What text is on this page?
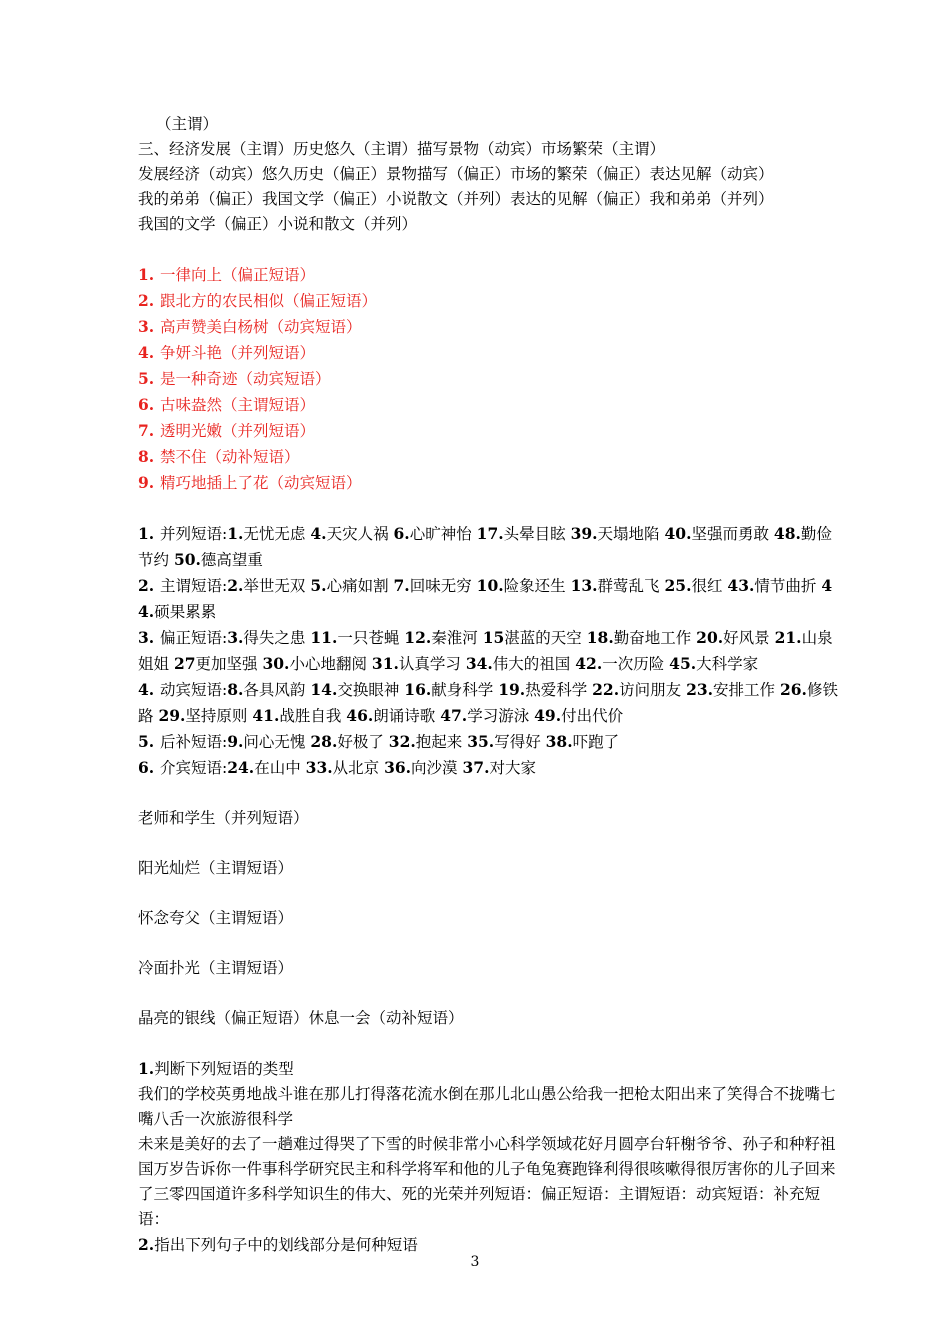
（主谓）
三、经济发展（主谓）历史悠久（主谓）描写景物（动宾）市场繁荣（主谓）
发展经济（动宾）悠久历史（偏正）景物描写（偏正）市场的繁荣（偏正）表达见解（动宾）
我的弟弟（偏正）我国文学（偏正）小说散文（并列）表达的见解（偏正）我和弟弟（并列）
我国的文学（偏正）小说和散文（并列）
1. 一律向上（偏正短语）
2. 跟北方的农民相似（偏正短语）
3. 高声赞美白杨树（动宾短语）
4. 争妍斗艳（并列短语）
5. 是一种奇迹（动宾短语）
6. 古味盎然（主谓短语）
7. 透明光嫩（并列短语）
8. 禁不住（动补短语）
9. 精巧地插上了花（动宾短语）
1. 并列短语:1.无忧无虑 4.天灾人祸 6.心旷神怡 17.头晕目眩 39.天塌地陷 40.坚强而勇敢 48.勤俭节约 50.德高望重
2. 主谓短语:2.举世无双 5.心痛如割 7.回味无穷 10.险象还生 13.群莺乱飞 25.很红 43.情节曲折 44.硕果累累
3. 偏正短语:3.得失之患 11.一只苍蝇 12.秦淮河 15湛蓝的天空 18.勤奋地工作 20.好风景 21.山泉姐姐 27更加坚强 30.小心地翻阅 31.认真学习 34.伟大的祖国 42.一次历险 45.大科学家
4. 动宾短语:8.各具风韵 14.交换眼神 16.献身科学 19.热爱科学 22.访问朋友 23.安排工作 26.修铁路 29.坚持原则 41.战胜自我 46.朗诵诗歌 47.学习游泳 49.付出代价
5. 后补短语:9.问心无愧 28.好极了 32.抱起来 35.写得好 38.吓跑了
6. 介宾短语:24.在山中 33.从北京 36.向沙漠 37.对大家
老师和学生（并列短语）
阳光灿烂（主谓短语）
怀念夸父（主谓短语）
冷面扑光（主谓短语）
晶亮的银线（偏正短语）休息一会（动补短语）
1.判断下列短语的类型
我们的学校英勇地战斗谁在那儿打得落花流水倒在那儿北山愚公给我一把枪太阳出来了笑得合不拢嘴七嘴八舌一次旅游很科学
未来是美好的去了一趟难过得哭了下雪的时候非常小心科学领域花好月圆亭台轩榭爷爷、孙子和种籽祖国万岁告诉你一件事科学研究民主和科学将军和他的儿子龟兔赛跑锋利得很咳嗽得很厉害你的儿子回来了三零四国道许多科学知识生的伟大、死的光荣并列短语：偏正短语：主谓短语：动宾短语：补充短语：
2.指出下列句子中的划线部分是何种短语
3
